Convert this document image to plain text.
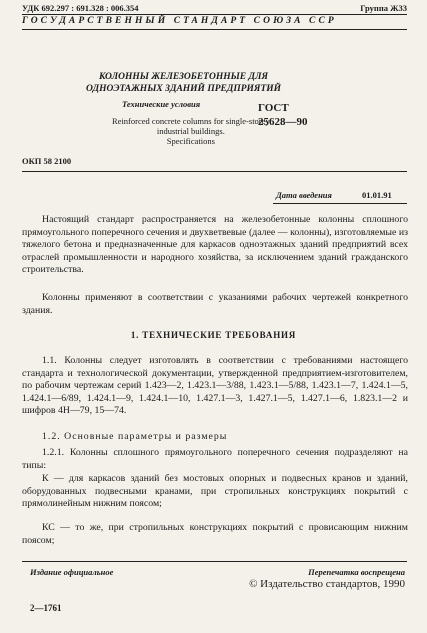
УДК 692.297 : 691.328 : 006.354	Группа Ж33
ГОСУДАРСТВЕННЫЙ СТАНДАРТ СОЮЗА ССР
КОЛОННЫ ЖЕЛЕЗОБЕТОННЫЕ ДЛЯ
ОДНОЭТАЖНЫХ ЗДАНИЙ ПРЕДПРИЯТИЙ
Технические условия
Reinforced concrete columns for single-storey
industrial buildings.
Specifications
ГОСТ
25628—90
ОКП 58 2100
Дата введения	01.01.91
Настоящий стандарт распространяется на железобетонные колонны сплошного прямоугольного поперечного сечения и двухветвевые (далее — колонны), изготовляемые из тяжелого бетона и предназначенные для каркасов одноэтажных зданий предприятий всех отраслей промышленности и народного хозяйства, за исключением зданий гражданского строительства.
Колонны применяют в соответствии с указаниями рабочих чертежей конкретного здания.
1. ТЕХНИЧЕСКИЕ ТРЕБОВАНИЯ
1.1. Колонны следует изготовлять в соответствии с требованиями настоящего стандарта и технологической документации, утвержденной предприятием-изготовителем, по рабочим чертежам серий 1.423—2, 1.423.1—3/88, 1.423.1—5/88, 1.423.1—7, 1.424.1—5, 1.424.1—6/89, 1.424.1—9, 1.424.1—10, 1.427.1—3, 1.427.1—5, 1.427.1—6, 1.823.1—2 и шифров 4Н—79, 15—74.
1.2. Основные параметры и размеры
1.2.1. Колонны сплошного прямоугольного поперечного сечения подразделяют на типы:
К — для каркасов зданий без мостовых опорных и подвесных кранов и зданий, оборудованных подвесными кранами, при стропильных конструкциях покрытий с прямолинейным нижним поясом;
КС — то же, при стропильных конструкциях покрытий с провисающим нижним поясом;
Издание официальное	Перепечатка воспрещена
© Издательство стандартов, 1990
2—1761
